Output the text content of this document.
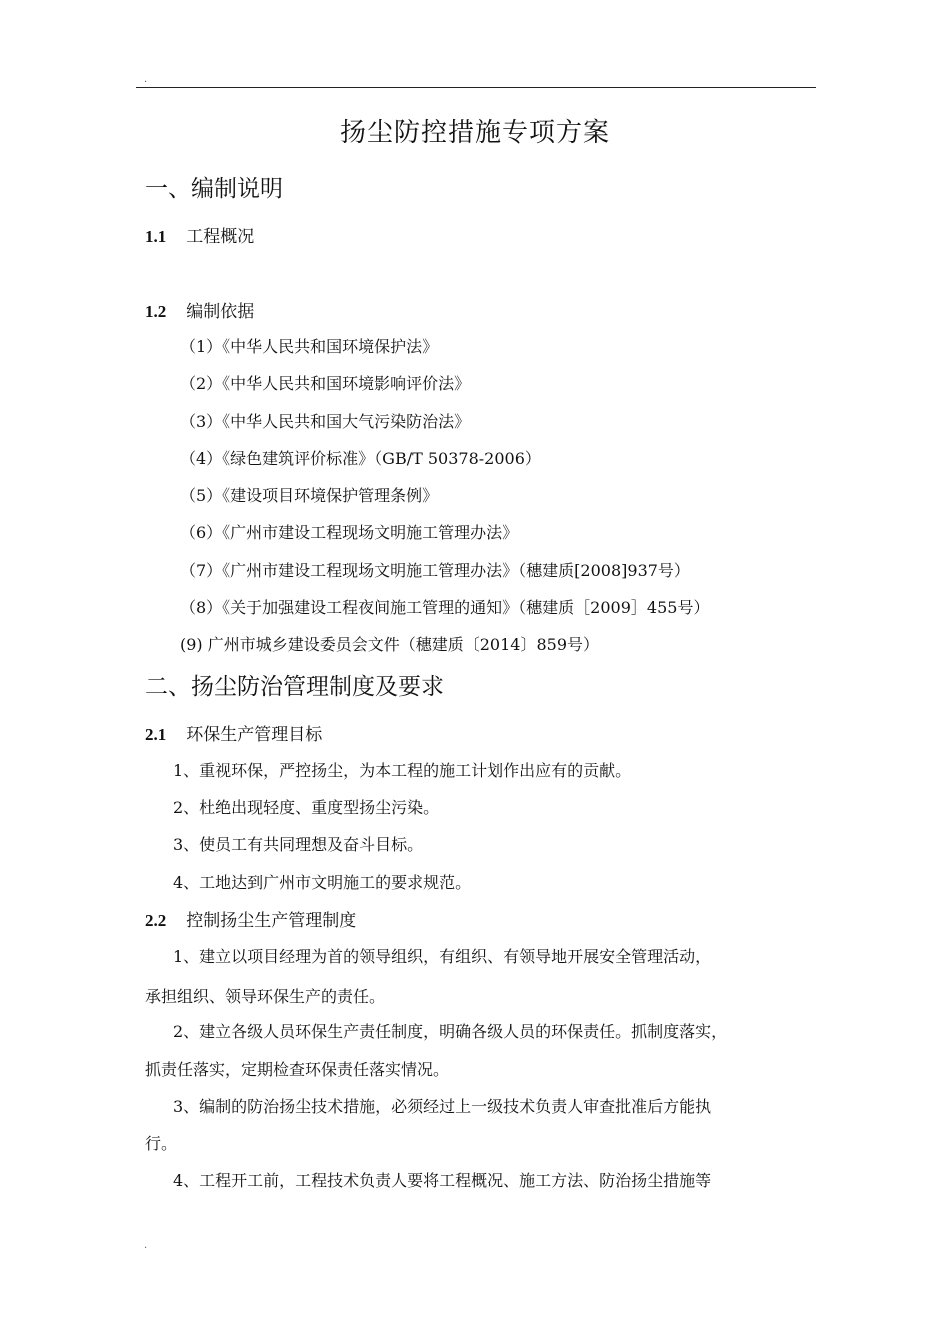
.
扬尘防控措施专项方案
一、编制说明
1.1 工程概况
1.2 编制依据
（1）《中华人民共和国环境保护法》
（2）《中华人民共和国环境影响评价法》
（3）《中华人民共和国大气污染防治法》
（4）《绿色建筑评价标准》（GB/T 50378-2006）
（5）《建设项目环境保护管理条例》
（6）《广州市建设工程现场文明施工管理办法》
（7）《广州市建设工程现场文明施工管理办法》（穗建质[2008]937号）
（8）《关于加强建设工程夜间施工管理的通知》（穗建质［2009］455号）
(9) 广州市城乡建设委员会文件（穗建质〔2014〕859号）
二、扬尘防治管理制度及要求
2.1 环保生产管理目标
1、重视环保，严控扬尘，为本工程的施工计划作出应有的贡献。
2、杜绝出现轻度、重度型扬尘污染。
3、使员工有共同理想及奋斗目标。
4、工地达到广州市文明施工的要求规范。
2.2 控制扬尘生产管理制度
1、建立以项目经理为首的领导组织，有组织、有领导地开展安全管理活动，
承担组织、领导环保生产的责任。
2、建立各级人员环保生产责任制度，明确各级人员的环保责任。抓制度落实，
抓责任落实，定期检查环保责任落实情况。
3、编制的防治扬尘技术措施，必须经过上一级技术负责人审查批准后方能执
行。
4、工程开工前，工程技术负责人要将工程概况、施工方法、防治扬尘措施等
.
